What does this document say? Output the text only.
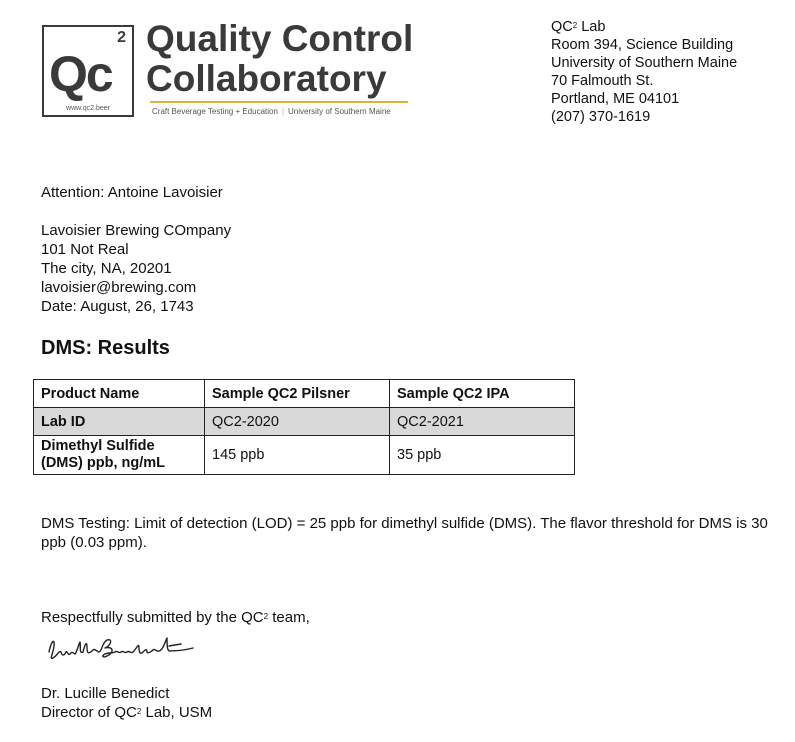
2
Qc
www.qc2.beer
Quality Control
Collaboratory
Craft Beverage Testing + Education | University of Southern Maine
$QC^2$ Lab
Room 394, Science Building
University of Southern Maine
70 Falmouth St.
Portland, ME 04101
(207) 370-1619
Attention: Antoine Lavoisier
Lavoisier Brewing COmpany
101 Not Real
The city, NA, 20201
lavoisier@brewing.com
Date: August, 26, 1743
DMS: Results
Product Name	Sample QC2 Pilsner	Sample QC2 IPA
Lab ID	QC2-2020	QC2-2021

Dimethyl Sulfide
(DMS) ppb, ng/mL	145 ppb	35 ppb
DMS Testing: Limit of detection (LOD) = 25 ppb for dimethyl sulfide (DMS). The flavor threshold for DMS is 30 ppb (0.03 ppm).
Respectfully submitted by the $QC^2$ team,
Dr. Lucille Benedict
Director of $QC^2$ Lab, USM
